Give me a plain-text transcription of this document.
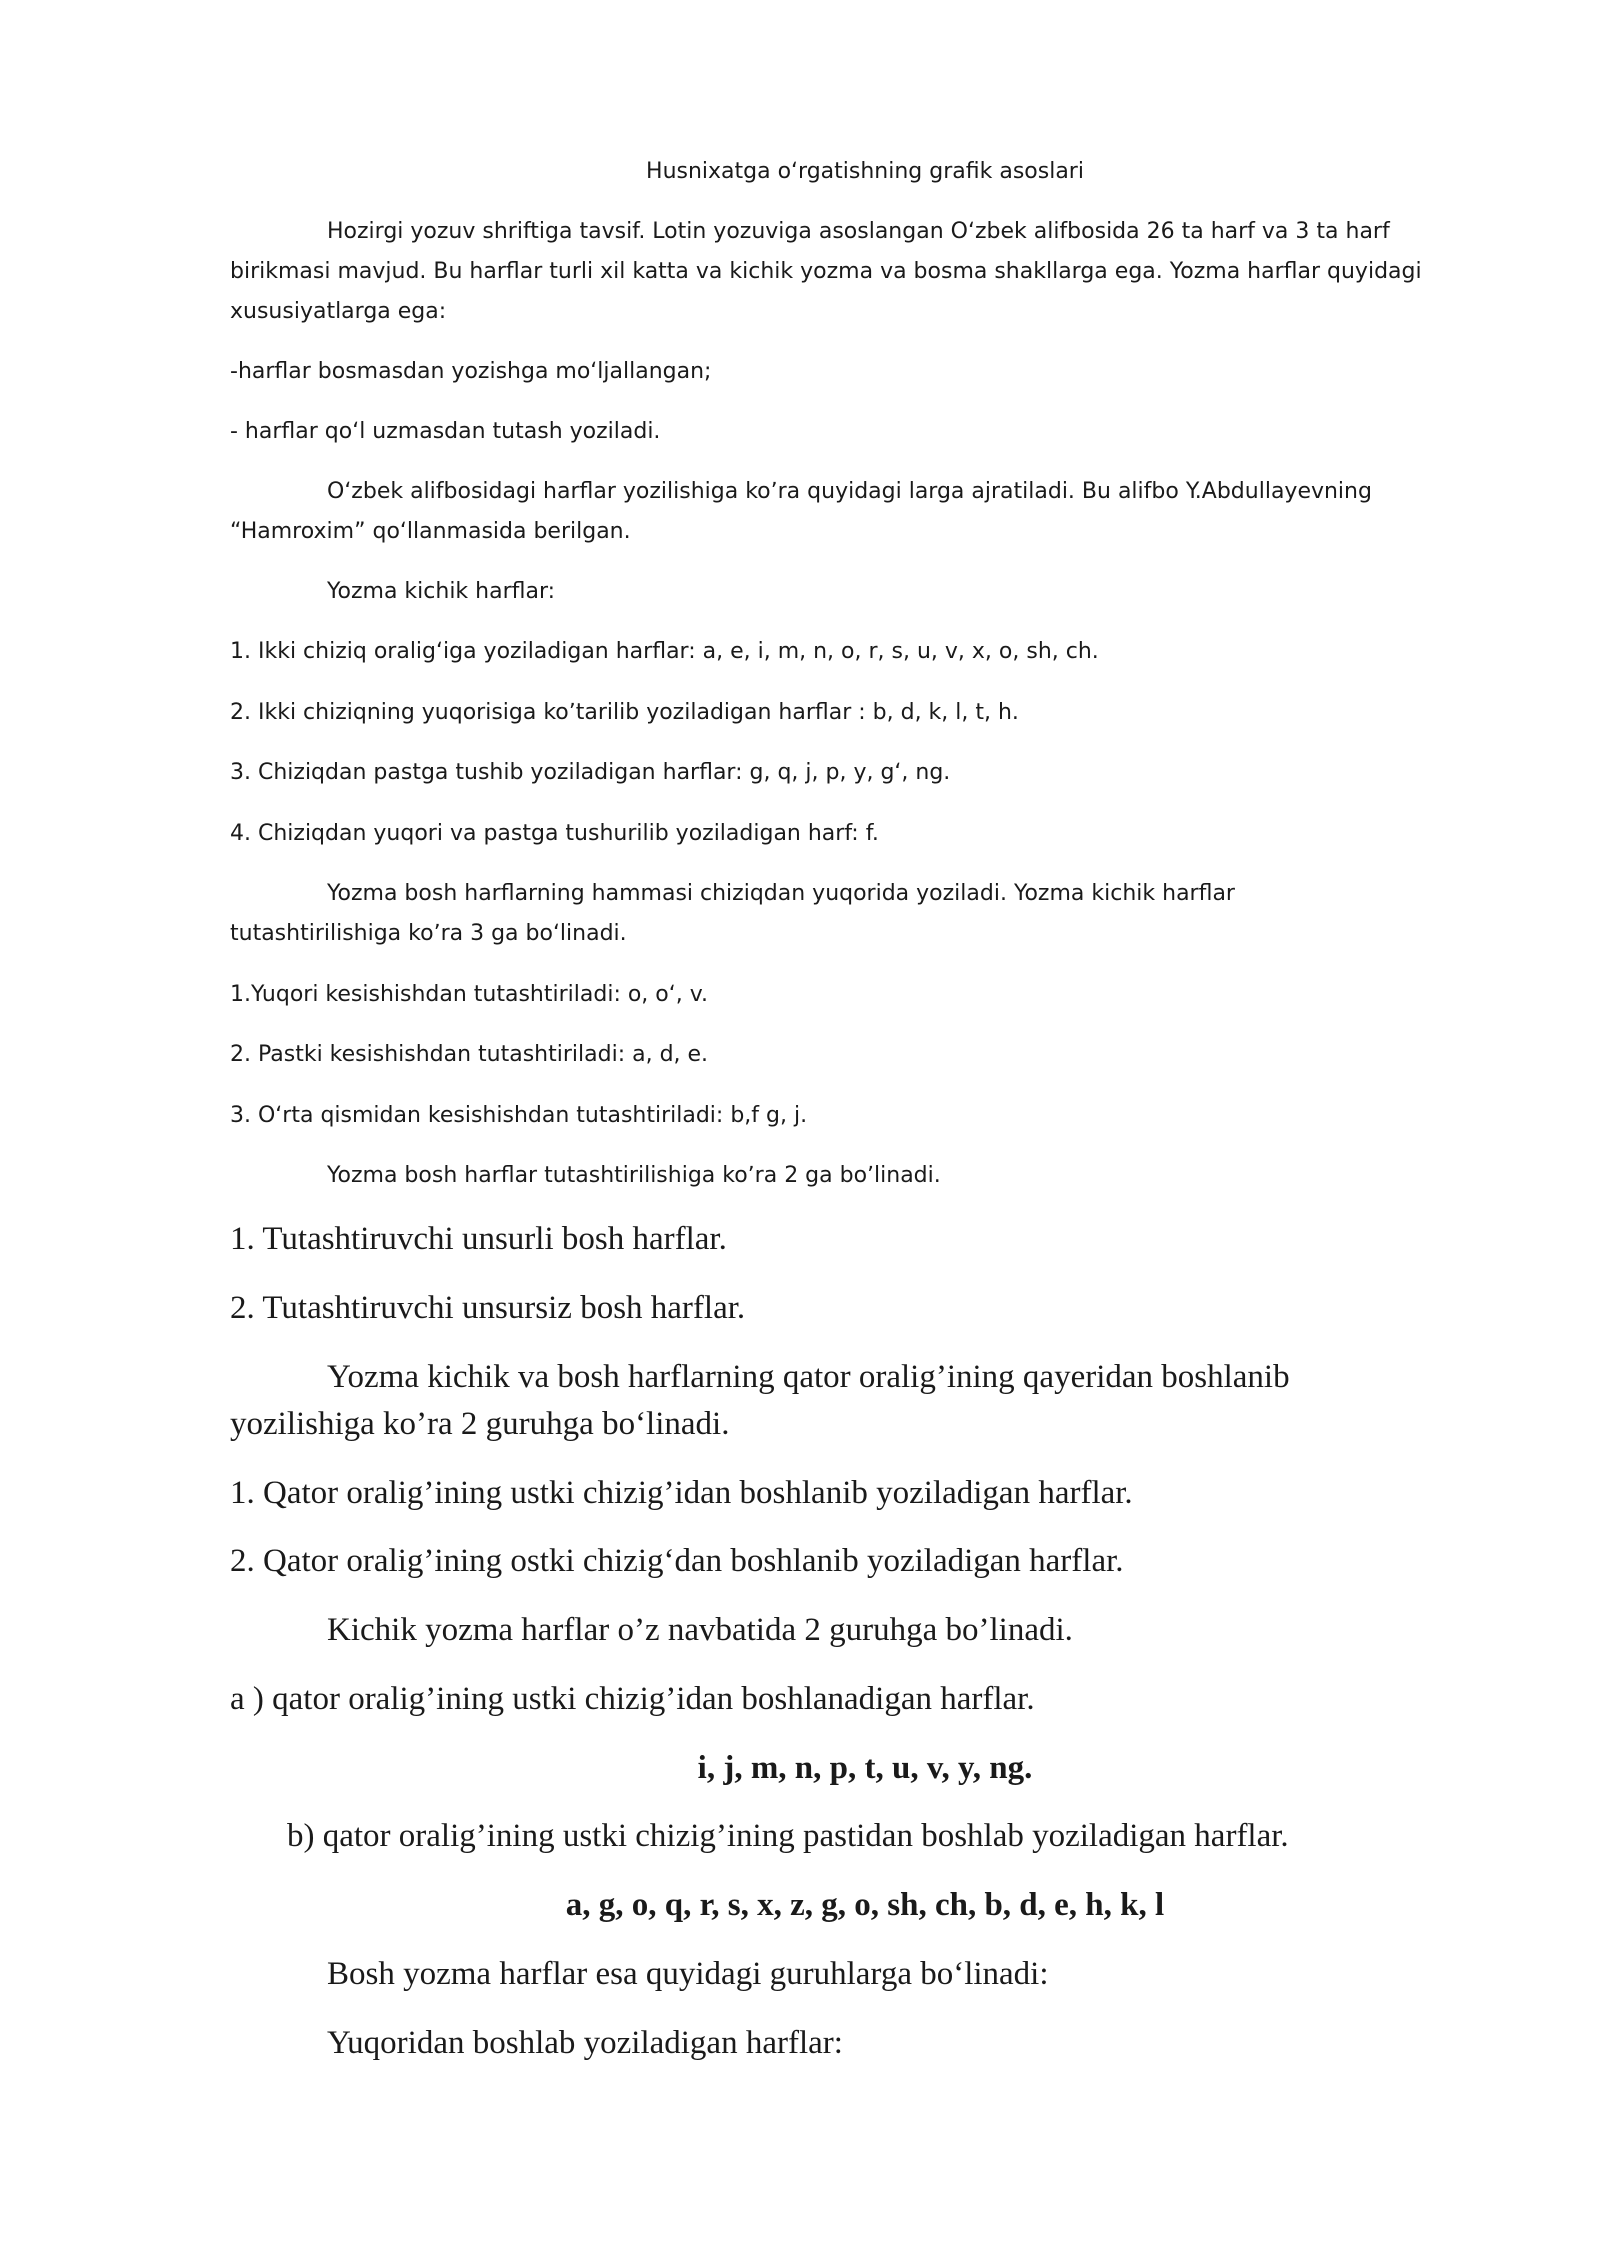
Husnixatga oʻrgatishning grafik asoslari
Hozirgi yozuv shriftiga tavsif. Lotin yozuviga asoslangan Oʻzbek alifbosida 26 ta harf va 3 ta harf
birikmasi mavjud. Bu harflar turli xil katta va kichik yozma va bosma shakllarga ega. Yozma harflar quyidagi
xususiyatlarga ega:
-harflar bosmasdan yozishga moʻljallangan;
- harflar qoʻl uzmasdan tutash yoziladi.
Oʻzbek alifbosidagi harflar yozilishiga koʼra quyidagi larga ajratiladi. Bu alifbo Y.Abdullayevning
“Hamroxim” qoʻllanmasida berilgan.
Yozma kichik harflar:
1. Ikki chiziq oraligʻiga yoziladigan harflar: a, e, i, m, n, o, r, s, u, v, x, o, sh, ch.
2. Ikki chiziqning yuqorisiga koʼtarilib yoziladigan harflar : b, d, k, l, t, h.
3. Chiziqdan pastga tushib yoziladigan harflar: g, q, j, p, y, gʻ, ng.
4. Chiziqdan yuqori va pastga tushurilib yoziladigan harf: f.
Yozma bosh harflarning hammasi chiziqdan yuqorida yoziladi. Yozma kichik harflar
tutashtirilishiga koʼra 3 ga boʻlinadi.
1.Yuqori kesishishdan tutashtiriladi: o, oʻ, v.
2. Pastki kesishishdan tutashtiriladi: a, d, e.
3. Oʻrta qismidan kesishishdan tutashtiriladi: b,f g, j.
Yozma bosh harflar tutashtirilishiga koʼra 2 ga boʼlinadi.
1. Tutashtiruvchi unsurli bosh harflar.
2. Tutashtiruvchi unsursiz bosh harflar.
Yozma kichik va bosh harflarning qator oralig’ining qayeridan boshlanib
yozilishiga ko’ra 2 guruhga boʻlinadi.
1. Qator oralig’ining ustki chizig’idan boshlanib yoziladigan harflar.
2. Qator oralig’ining ostki chizigʻdan boshlanib yoziladigan harflar.
Kichik yozma harflar o’z navbatida 2 guruhga bo’linadi.
a ) qator oralig’ining ustki chizig’idan boshlanadigan harflar.
i, j, m, n, p, t, u, v, y, ng.
b) qator oralig’ining ustki chizig’ining pastidan boshlab yoziladigan harflar.
a, g, o, q, r, s, x, z, g, o, sh, ch, b, d, e, h, k, l
Bosh yozma harflar esa quyidagi guruhlarga boʻlinadi:
Yuqoridan boshlab yoziladigan harflar:
